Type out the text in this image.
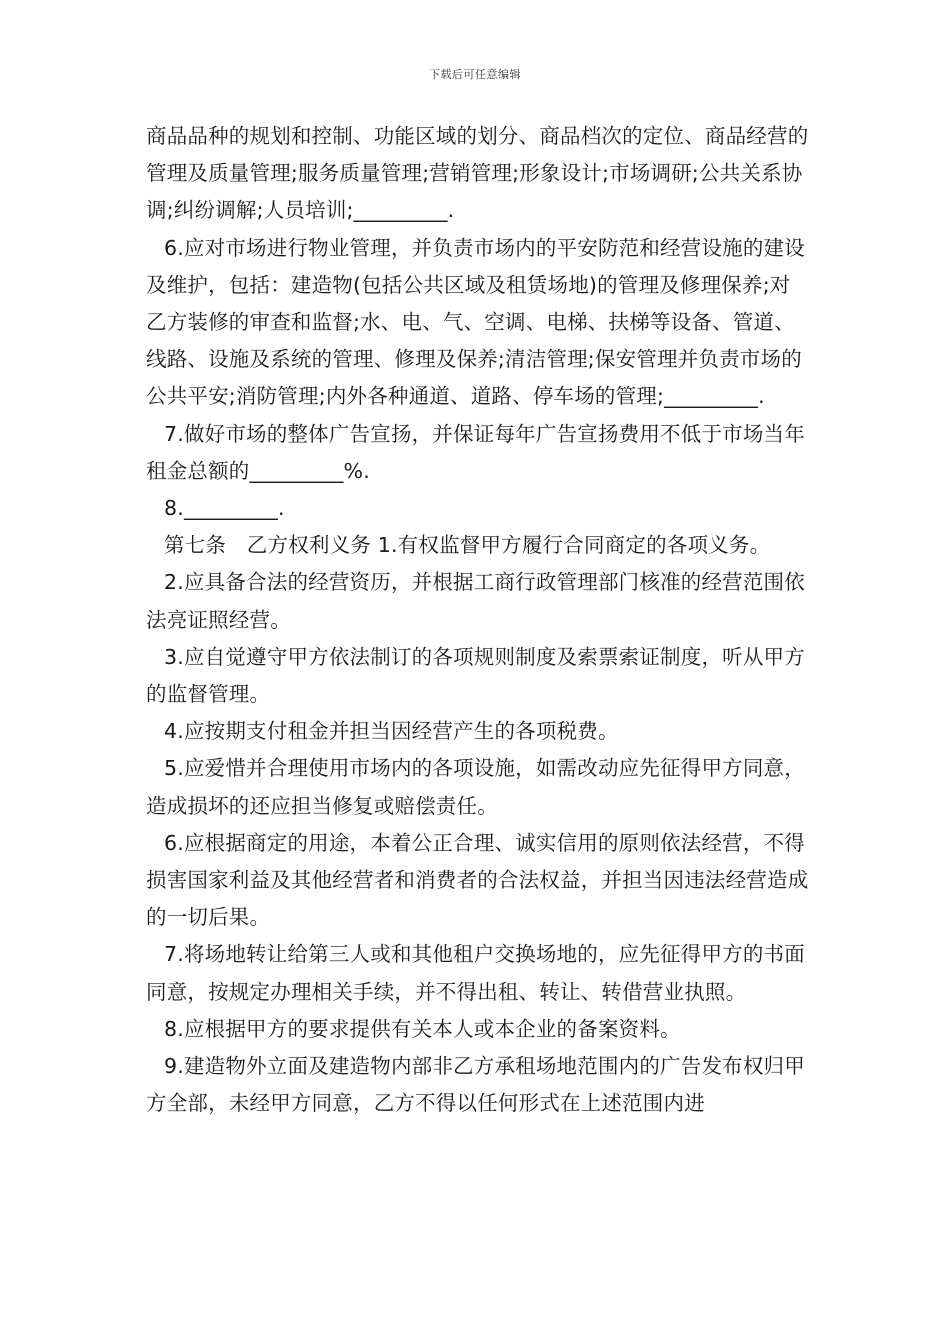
下载后可任意编辑

商品品种的规划和控制、功能区域的划分、商品档次的定位、商品经营的管理及质量管理;服务质量管理;营销管理;形象设计;市场调研;公共关系协调;纠纷调解;人员培训;_________.

6.应对市场进行物业管理，并负责市场内的平安防范和经营设施的建设及维护，包括：建造物(包括公共区域及租赁场地)的管理及修理保养;对乙方装修的审查和监督;水、电、气、空调、电梯、扶梯等设备、管道、线路、设施及系统的管理、修理及保养;清洁管理;保安管理并负责市场的公共平安;消防管理;内外各种通道、道路、停车场的管理;_________.

7.做好市场的整体广告宣扬，并保证每年广告宣扬费用不低于市场当年租金总额的_________%.

8._________.

第七条　乙方权利义务 1.有权监督甲方履行合同商定的各项义务。

2.应具备合法的经营资历，并根据工商行政管理部门核准的经营范围依法亮证照经营。

3.应自觉遵守甲方依法制订的各项规则制度及索票索证制度，听从甲方的监督管理。

4.应按期支付租金并担当因经营产生的各项税费。

5.应爱惜并合理使用市场内的各项设施，如需改动应先征得甲方同意，造成损坏的还应担当修复或赔偿责任。

6.应根据商定的用途，本着公正合理、诚实信用的原则依法经营，不得损害国家利益及其他经营者和消费者的合法权益，并担当因违法经营造成的一切后果。

7.将场地转让给第三人或和其他租户交换场地的，应先征得甲方的书面同意，按规定办理相关手续，并不得出租、转让、转借营业执照。

8.应根据甲方的要求提供有关本人或本企业的备案资料。

9.建造物外立面及建造物内部非乙方承租场地范围内的广告发布权归甲方全部，未经甲方同意，乙方不得以任何形式在上述范围内进
